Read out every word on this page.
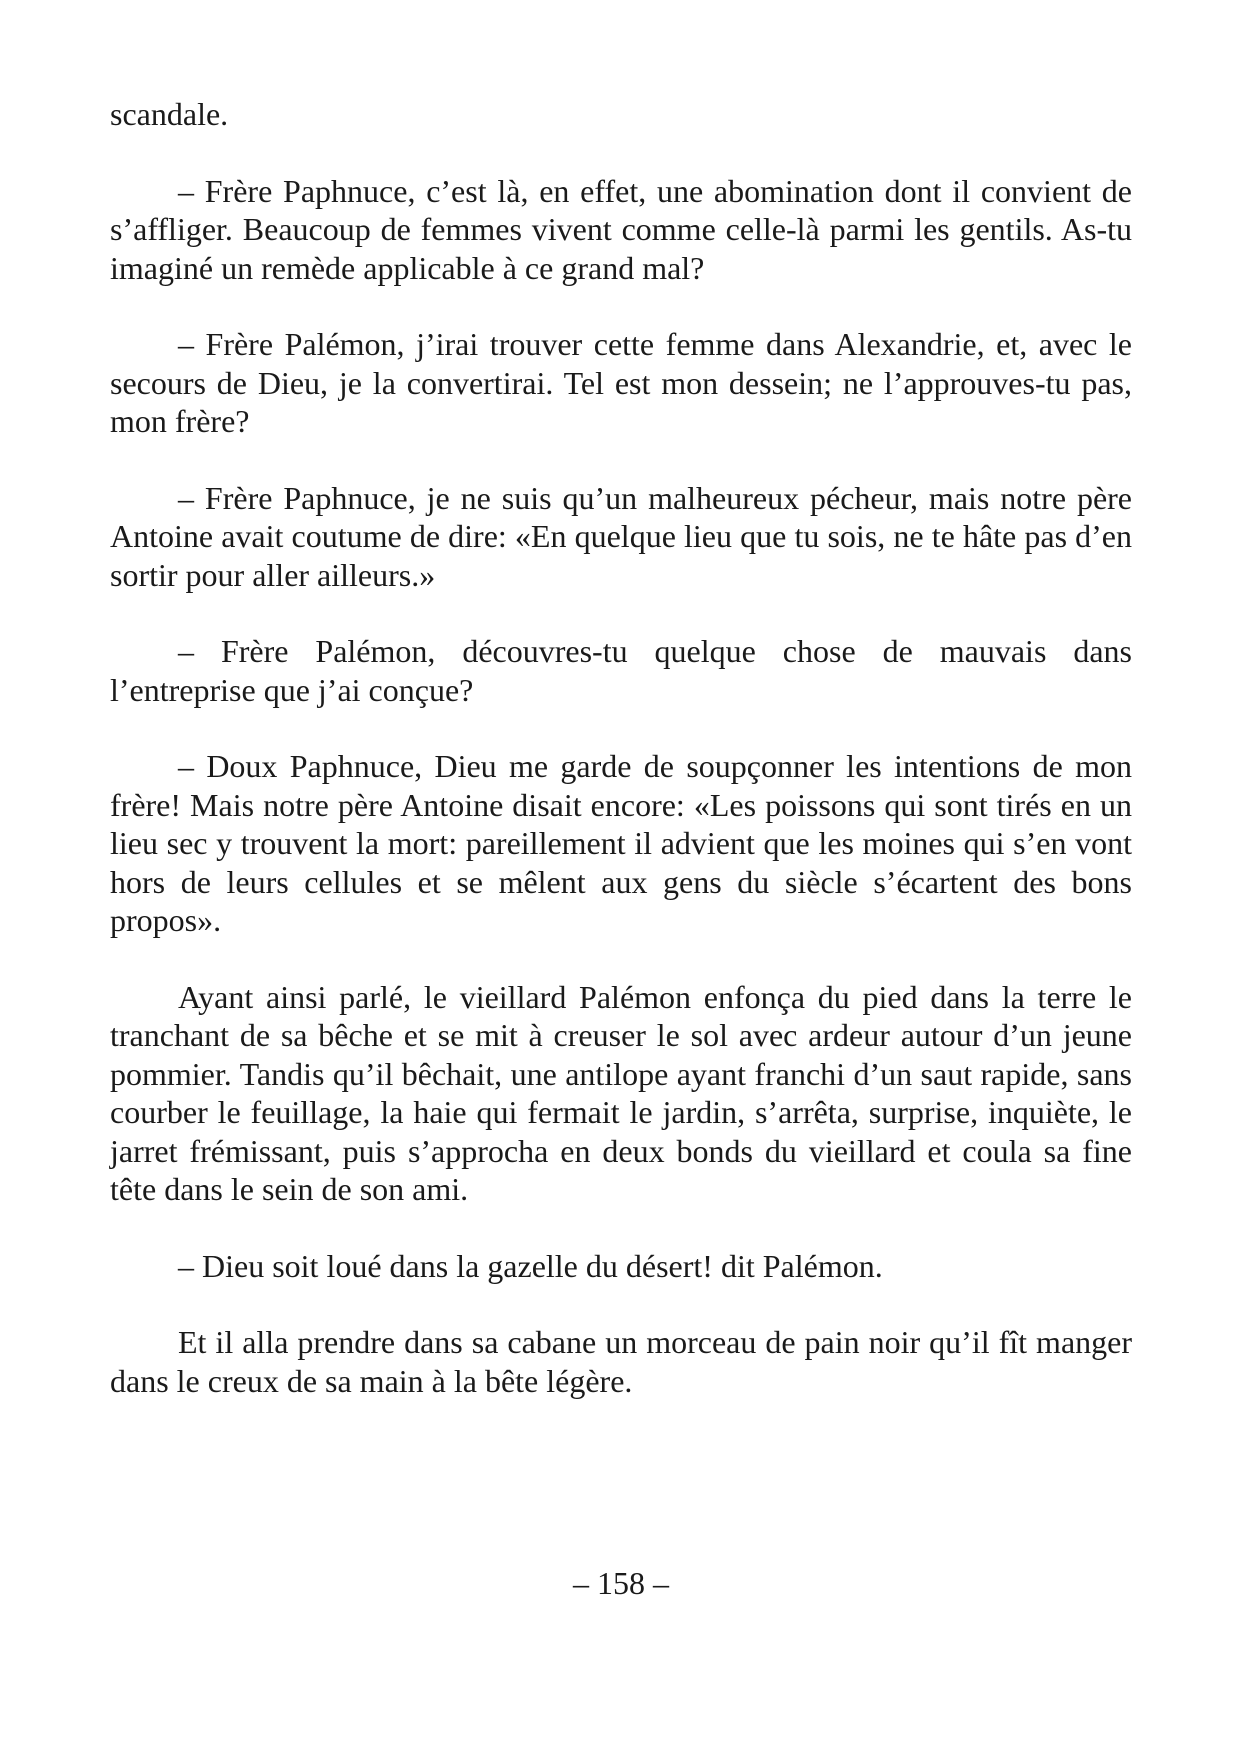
scandale.

– Frère Paphnuce, c’est là, en effet, une abomination dont il convient de s’affliger. Beaucoup de femmes vivent comme celle-là parmi les gentils. As-tu imaginé un remède applicable à ce grand mal?

– Frère Palémon, j’irai trouver cette femme dans Alexandrie, et, avec le secours de Dieu, je la convertirai. Tel est mon dessein; ne l’approuves-tu pas, mon frère?

– Frère Paphnuce, je ne suis qu’un malheureux pécheur, mais notre père Antoine avait coutume de dire: «En quelque lieu que tu sois, ne te hâte pas d’en sortir pour aller ailleurs.»

– Frère Palémon, découvres-tu quelque chose de mauvais dans l’entreprise que j’ai conçue?

– Doux Paphnuce, Dieu me garde de soupçonner les intentions de mon frère! Mais notre père Antoine disait encore: «Les poissons qui sont tirés en un lieu sec y trouvent la mort: pareillement il advient que les moines qui s’en vont hors de leurs cellules et se mêlent aux gens du siècle s’écartent des bons propos».

Ayant ainsi parlé, le vieillard Palémon enfonça du pied dans la terre le tranchant de sa bêche et se mit à creuser le sol avec ardeur autour d’un jeune pommier. Tandis qu’il bêchait, une antilope ayant franchi d’un saut rapide, sans courber le feuillage, la haie qui fermait le jardin, s’arrêta, surprise, inquiète, le jarret frémissant, puis s’approcha en deux bonds du vieillard et coula sa fine tête dans le sein de son ami.

– Dieu soit loué dans la gazelle du désert! dit Palémon.

Et il alla prendre dans sa cabane un morceau de pain noir qu’il fît manger dans le creux de sa main à la bête légère.

– 158 –
